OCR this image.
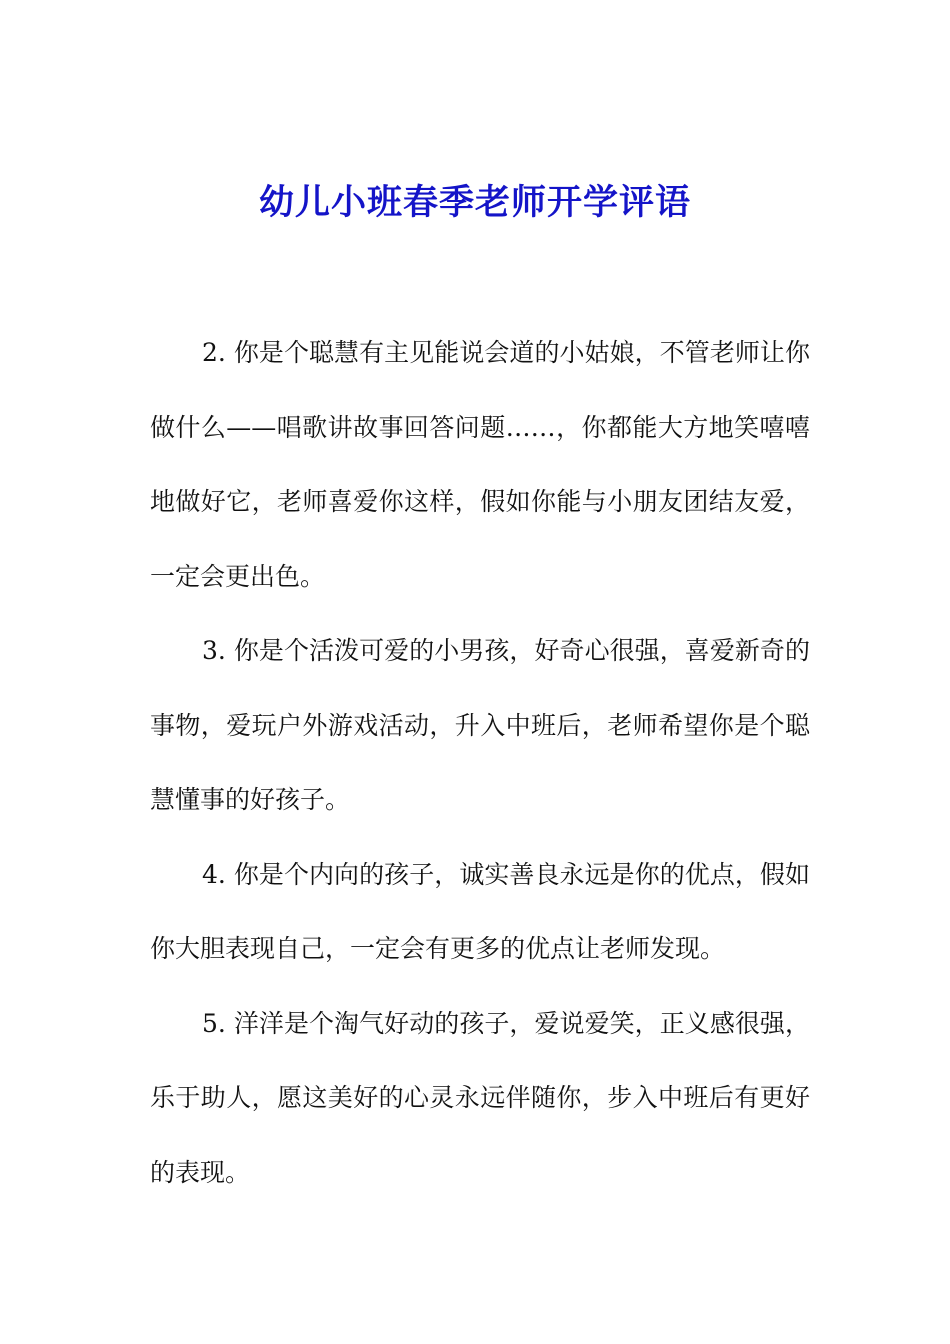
幼儿小班春季老师开学评语

2. 你是个聪慧有主见能说会道的小姑娘，不管老师让你做什么——唱歌讲故事回答问题……，你都能大方地笑嘻嘻地做好它，老师喜爱你这样，假如你能与小朋友团结友爱，一定会更出色。

3. 你是个活泼可爱的小男孩，好奇心很强，喜爱新奇的事物，爱玩户外游戏活动，升入中班后，老师希望你是个聪慧懂事的好孩子。

4. 你是个内向的孩子，诚实善良永远是你的优点，假如你大胆表现自己，一定会有更多的优点让老师发现。

5. 洋洋是个淘气好动的孩子，爱说爱笑，正义感很强，乐于助人，愿这美好的心灵永远伴随你，步入中班后有更好的表现。
